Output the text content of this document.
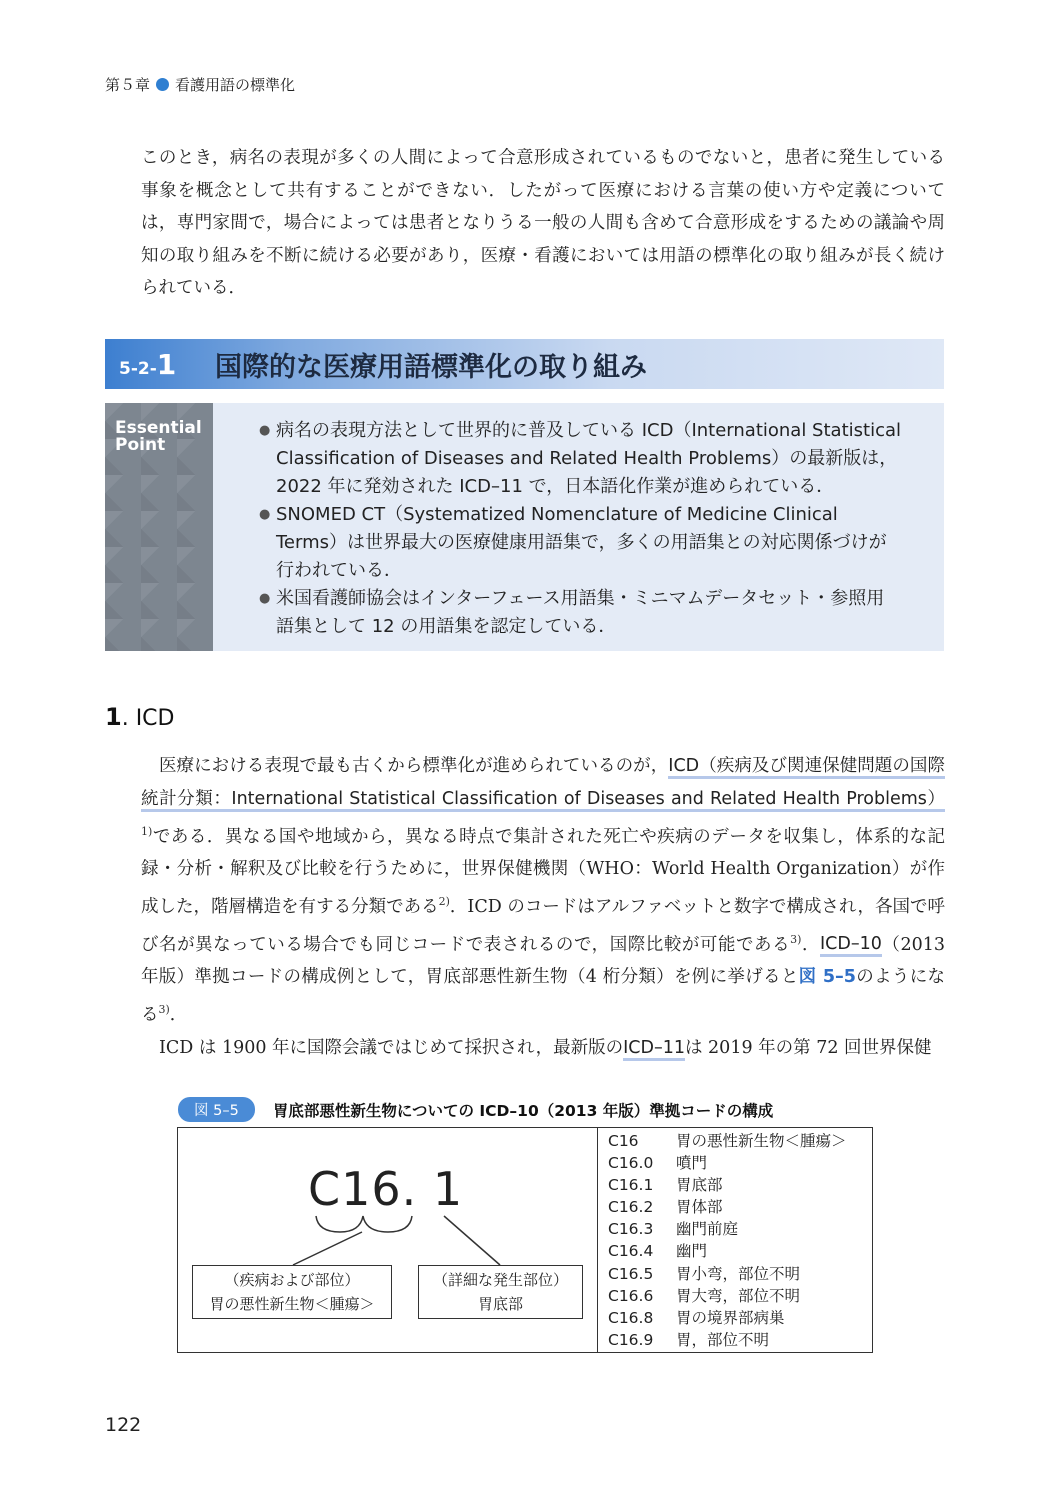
第５章 看護用語の標準化

このとき，病名の表現が多くの人間によって合意形成されているものでないと，患者に発生している事象を概念として共有することができない．したがって医療における言葉の使い方や定義については，専門家間で，場合によっては患者となりうる一般の人間も含めて合意形成をするための議論や周知の取り組みを不断に続ける必要があり，医療・看護においては用語の標準化の取り組みが長く続けられている．

5-2-1	国際的な医療用語標準化の取り組み
Essential
Point
● 病名の表現方法として世界的に普及している ICD（International Statistical Classification of Diseases and Related Health Problems）の最新版は，2022 年に発効された ICD–11 で，日本語化作業が進められている．
● SNOMED CT（Systematized Nomenclature of Medicine Clinical Terms）は世界最大の医療健康用語集で，多くの用語集との対応関係づけが行われている．
● 米国看護師協会はインターフェース用語集・ミニマムデータセット・参照用語集として 12 の用語集を認定している．
1. ICD

医療における表現で最も古くから標準化が進められているのが，ICD（疾病及び関連保健問題の国際統計分類：International Statistical Classification of Diseases and Related Health Problems）$^{1)}$である．異なる国や地域から，異なる時点で集計された死亡や疾病のデータを収集し，体系的な記録・分析・解釈及び比較を行うために，世界保健機関（WHO：World Health Organization）が作成した，階層構造を有する分類である$^{2)}$．ICD のコードはアルファベットと数字で構成され，各国で呼び名が異なっている場合でも同じコードで表されるので，国際比較が可能である$^{3)}$．ICD–10（2013 年版）準拠コードの構成例として，胃底部悪性新生物（4 桁分類）を例に挙げると図 5–5のようになる$^{3)}$．

ICD は 1900 年に国際会議ではじめて採択され，最新版のICD–11は 2019 年の第 72 回世界保健

図 5–5	胃底部悪性新生物についての ICD–10（2013 年版）準拠コードの構成
C16. 1
（疾病および部位）
胃の悪性新生物＜腫瘍＞
（詳細な発生部位）
胃底部
C16	胃の悪性新生物＜腫瘍＞
C16.0	噴門
C16.1	胃底部
C16.2	胃体部
C16.3	幽門前庭
C16.4	幽門
C16.5	胃小弯，部位不明
C16.6	胃大弯，部位不明
C16.8	胃の境界部病巣
C16.9	胃，部位不明
122
